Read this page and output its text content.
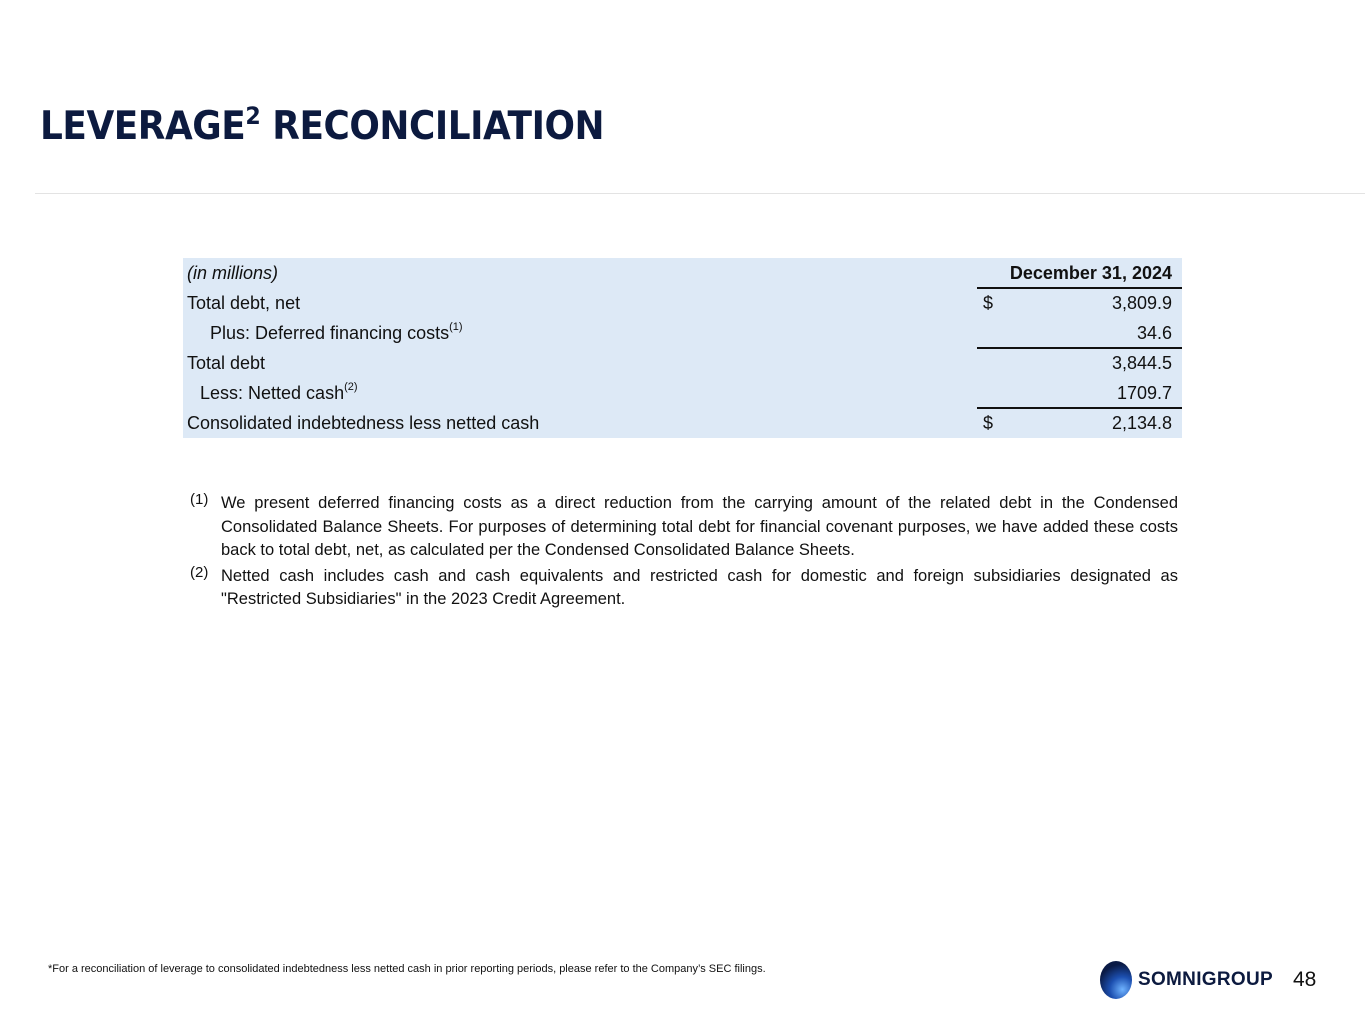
LEVERAGE$^2$ RECONCILIATION
(in millions)	December 31, 2024
Total debt, net	$	3,809.9
Plus: Deferred financing costs$^{(1)}$	34.6
Total debt	3,844.5
Less: Netted cash$^{(2)}$	1709.7
Consolidated indebtedness less netted cash	$	2,134.8
(1) We present deferred financing costs as a direct reduction from the carrying amount of the related debt in the Condensed Consolidated Balance Sheets. For purposes of determining total debt for financial covenant purposes, we have added these costs back to total debt, net, as calculated per the Condensed Consolidated Balance Sheets.
(2) Netted cash includes cash and cash equivalents and restricted cash for domestic and foreign subsidiaries designated as "Restricted Subsidiaries" in the 2023 Credit Agreement.
*For a reconciliation of leverage to consolidated indebtedness less netted cash in prior reporting periods, please refer to the Company’s SEC filings.	SOMNIGROUP 48
